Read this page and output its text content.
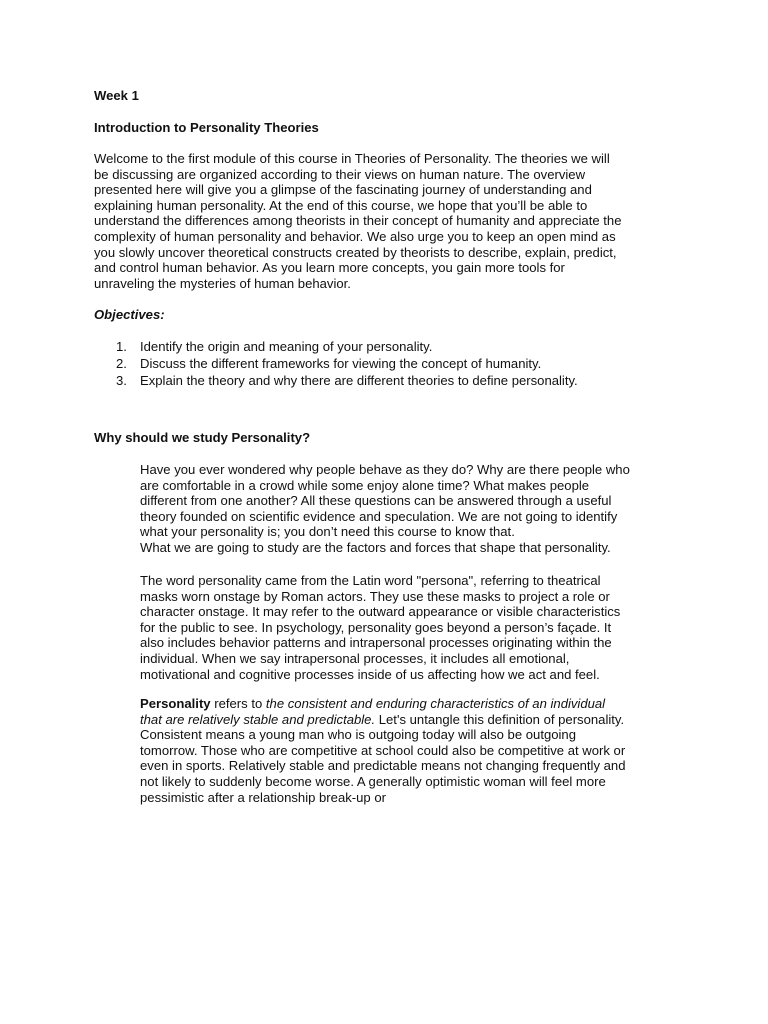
Week 1

Introduction to Personality Theories

Welcome to the first module of this course in Theories of Personality. The theories we will
be discussing are organized according to their views on human nature. The overview
presented here will give you a glimpse of the fascinating journey of understanding and
explaining human personality. At the end of this course, we hope that you’ll be able to
understand the differences among theorists in their concept of humanity and appreciate the
complexity of human personality and behavior. We also urge you to keep an open mind as
you slowly uncover theoretical constructs created by theorists to describe, explain, predict,
and control human behavior. As you learn more concepts, you gain more tools for
unraveling the mysteries of human behavior.

Objectives:

1. Identify the origin and meaning of your personality.
2. Discuss the different frameworks for viewing the concept of humanity.
3. Explain the theory and why there are different theories to define personality.

Why should we study Personality?

Have you ever wondered why people behave as they do? Why are there people who
are comfortable in a crowd while some enjoy alone time? What makes people
different from one another? All these questions can be answered through a useful
theory founded on scientific evidence and speculation. We are not going to identify
what your personality is; you don’t need this course to know that.
What we are going to study are the factors and forces that shape that personality.

The word personality came from the Latin word "persona", referring to theatrical
masks worn onstage by Roman actors. They use these masks to project a role or
character onstage. It may refer to the outward appearance or visible characteristics
for the public to see. In psychology, personality goes beyond a person’s façade. It
also includes behavior patterns and intrapersonal processes originating within the
individual. When we say intrapersonal processes, it includes all emotional,
motivational and cognitive processes inside of us affecting how we act and feel.

Personality refers to the consistent and enduring characteristics of an individual
that are relatively stable and predictable. Let's untangle this definition of personality.
Consistent means a young man who is outgoing today will also be outgoing
tomorrow. Those who are competitive at school could also be competitive at work or
even in sports. Relatively stable and predictable means not changing frequently and
not likely to suddenly become worse. A generally optimistic woman will feel more
pessimistic after a relationship break-up or
